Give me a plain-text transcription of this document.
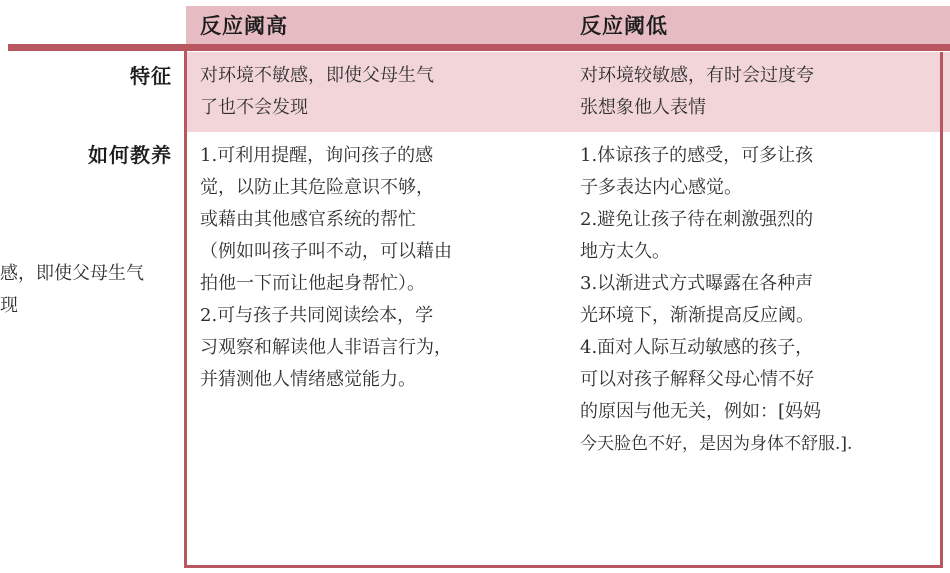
反应阈高	反应阈低
特征
如何教养
感，即使父母生气
现
对环境不敏感，即使父母生气
了也不会发现
对环境较敏感，有时会过度夸
张想象他人表情
1.可利用提醒，询问孩子的感
觉，以防止其危险意识不够，
或藉由其他感官系统的帮忙
（例如叫孩子叫不动，可以藉由
拍他一下而让他起身帮忙）。
2.可与孩子共同阅读绘本，学
习观察和解读他人非语言行为，
并猜测他人情绪感觉能力。
1.体谅孩子的感受，可多让孩
子多表达内心感觉。
2.避免让孩子待在刺激强烈的
地方太久。
3.以渐进式方式曝露在各种声
光环境下，渐渐提高反应阈。
4.面对人际互动敏感的孩子，
可以对孩子解释父母心情不好
的原因与他无关，例如：[妈妈
今天脸色不好，是因为身体不舒服.].
